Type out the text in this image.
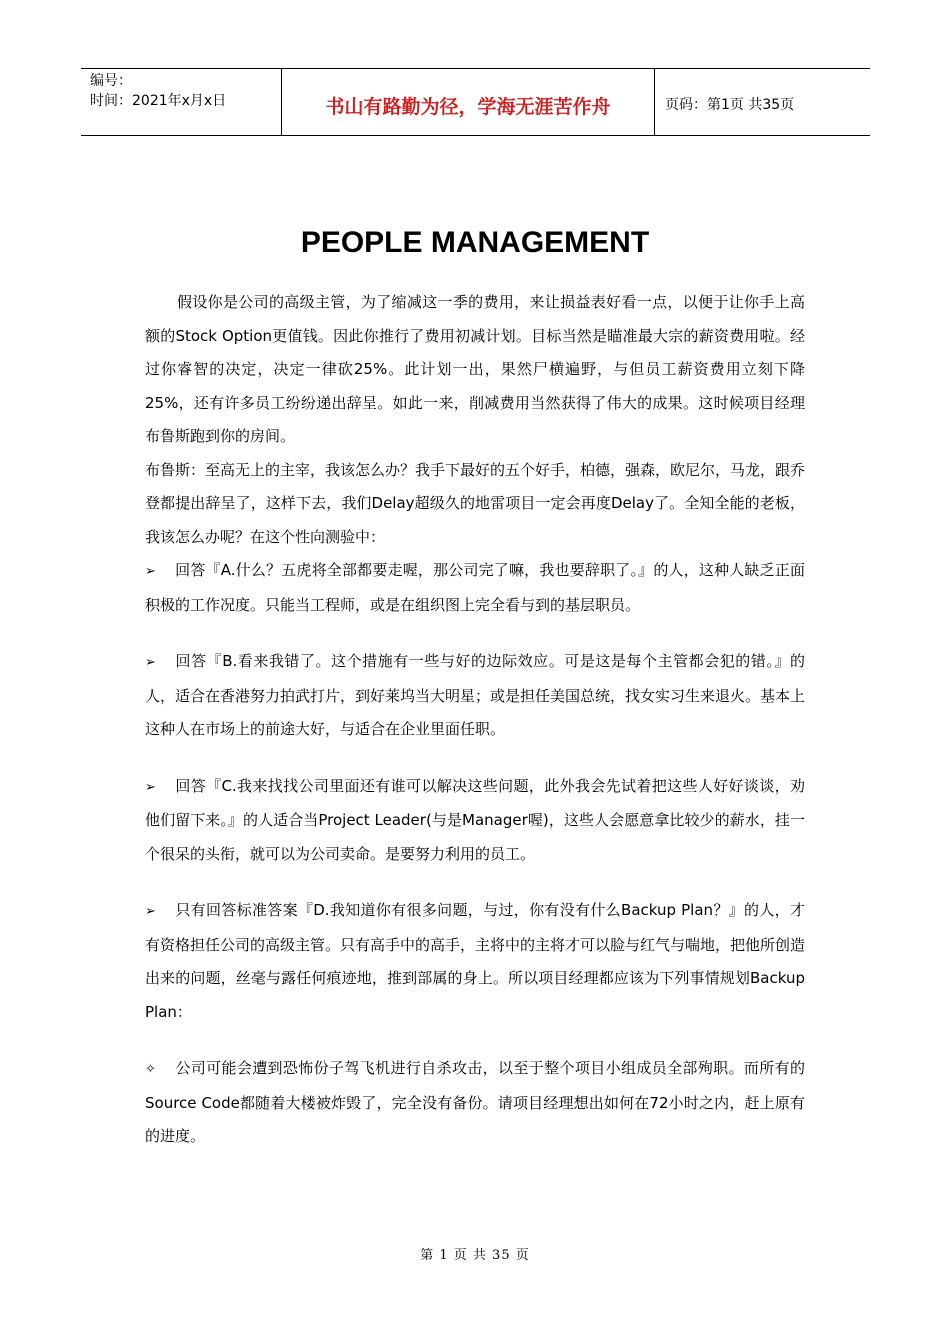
编号：
时间：2021年x月x日	书山有路勤为径，学海无涯苦作舟	页码：第1页 共35页
PEOPLE MANAGEMENT

假设你是公司的高级主管，为了缩减这一季的费用，来让损益表好看一点，以便于让你手上高额的Stock Option更值钱。因此你推行了费用初减计划。目标当然是瞄准最大宗的薪资费用啦。经过你睿智的决定，决定一律砍25%。此计划一出，果然尸横遍野，与但员工薪资费用立刻下降25%，还有许多员工纷纷递出辞呈。如此一来，削减费用当然获得了伟大的成果。这时候项目经理布鲁斯跑到你的房间。

布鲁斯：至高无上的主宰，我该怎么办？我手下最好的五个好手，柏德，强森，欧尼尔，马龙，跟乔登都提出辞呈了，这样下去，我们Delay超级久的地雷项目一定会再度Delay了。全知全能的老板，我该怎么办呢？在这个性向测验中：

➢ 回答『A.什么？五虎将全部都要走喔，那公司完了嘛，我也要辞职了。』的人，这种人缺乏正面积极的工作况度。只能当工程师，或是在组织图上完全看与到的基层职员。

➢ 回答『B.看来我错了。这个措施有一些与好的边际效应。可是这是每个主管都会犯的错。』的人，适合在香港努力拍武打片，到好莱坞当大明星；或是担任美国总统，找女实习生来退火。基本上这种人在市场上的前途大好，与适合在企业里面任职。

➢ 回答『C.我来找找公司里面还有谁可以解决这些问题，此外我会先试着把这些人好好谈谈，劝他们留下来。』的人适合当Project Leader(与是Manager喔)，这些人会愿意拿比较少的薪水，挂一个很呆的头衔，就可以为公司卖命。是要努力利用的员工。

➢ 只有回答标准答案『D.我知道你有很多问题，与过，你有没有什么Backup Plan？』的人，才有资格担任公司的高级主管。只有高手中的高手，主将中的主将才可以脸与红气与喘地，把他所创造出来的问题，丝毫与露任何痕迹地，推到部属的身上。所以项目经理都应该为下列事情规划Backup Plan：

✧ 公司可能会遭到恐怖份子驾飞机进行自杀攻击，以至于整个项目小组成员全部殉职。而所有的Source Code都随着大楼被炸毁了，完全没有备份。请项目经理想出如何在72小时之内，赶上原有的进度。

第 1 页 共 35 页
